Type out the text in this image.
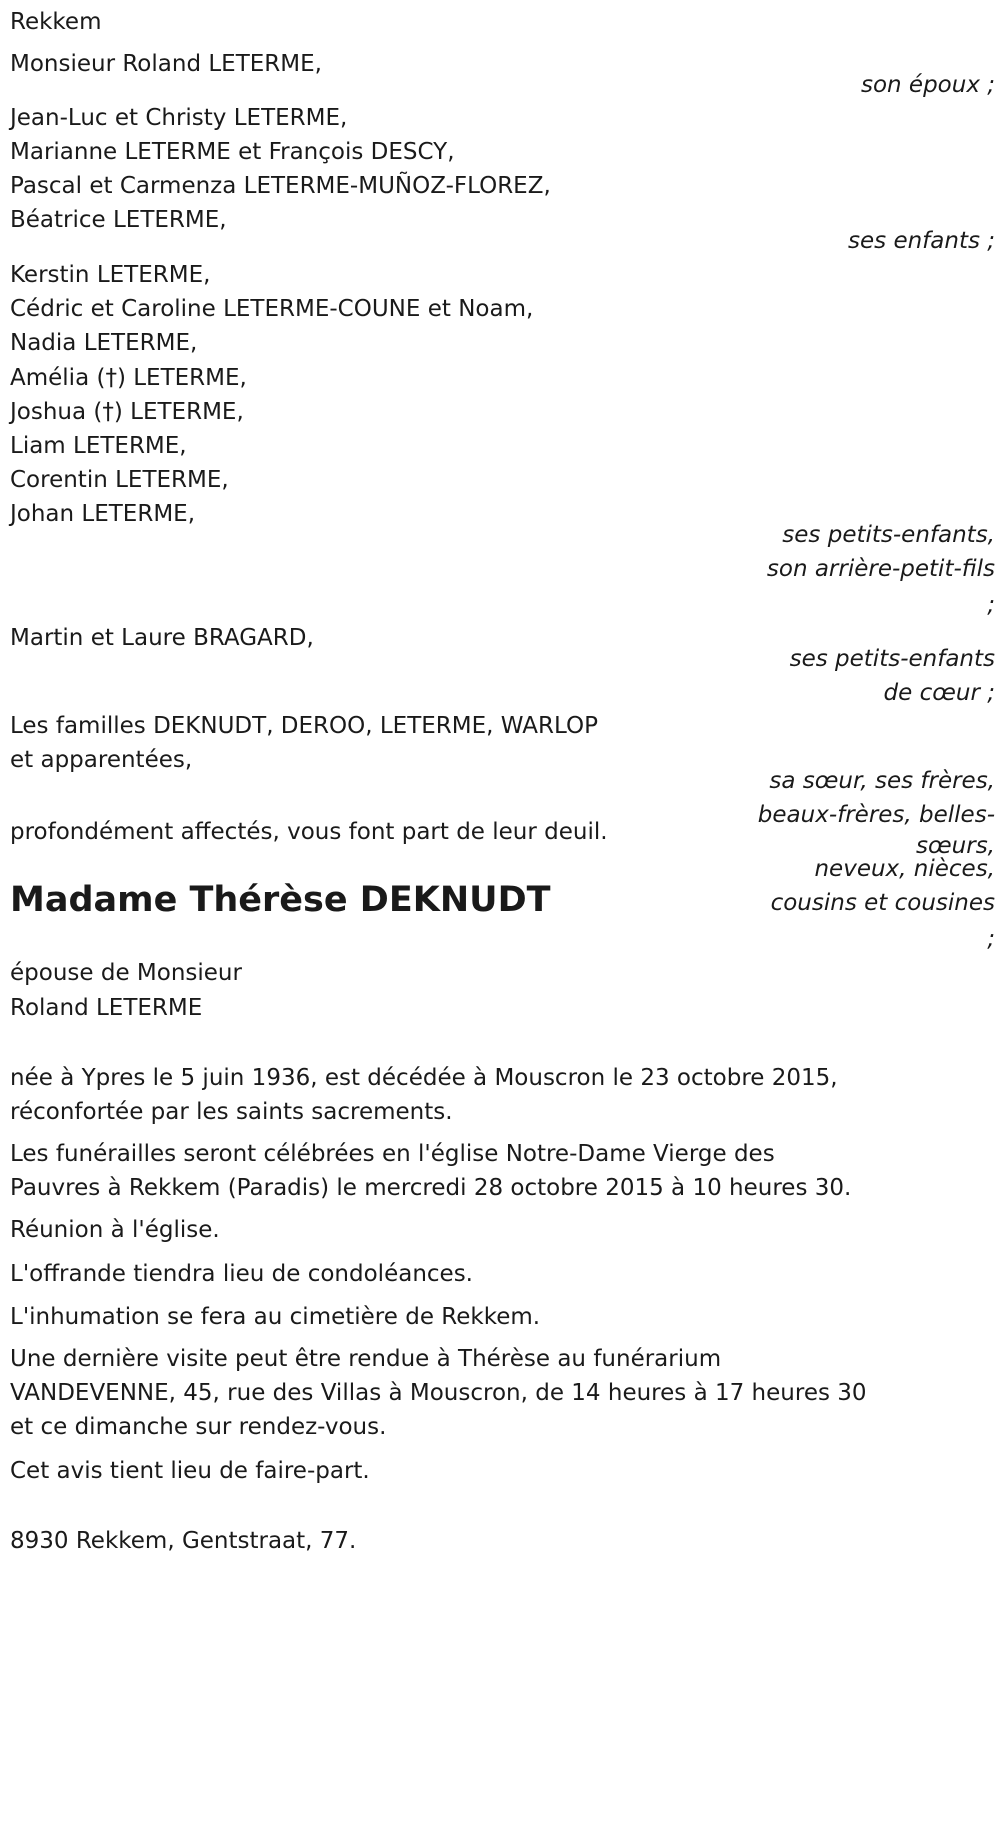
Rekkem
Monsieur Roland LETERME,
son époux ;
Jean-Luc et Christy LETERME,
Marianne LETERME et François DESCY,
Pascal et Carmenza LETERME-MUÑOZ-FLOREZ,
Béatrice LETERME,
ses enfants ;
Kerstin LETERME,
Cédric et Caroline LETERME-COUNE et Noam,
Nadia LETERME,
Amélia (†) LETERME,
Joshua (†) LETERME,
Liam LETERME,
Corentin LETERME,
Johan LETERME,
ses petits-enfants,
son arrière-petit-fils
;
Martin et Laure BRAGARD,
ses petits-enfants
de cœur ;
Les familles DEKNUDT, DEROO, LETERME, WARLOP
et apparentées,
sa sœur, ses frères,
beaux-frères, belles-
sœurs,
neveux, nièces,
cousins et cousines
;
profondément affectés, vous font part de leur deuil.
Madame Thérèse DEKNUDT
épouse de Monsieur
Roland LETERME
née à Ypres le 5 juin 1936, est décédée à Mouscron le 23 octobre 2015,
réconfortée par les saints sacrements.
Les funérailles seront célébrées en l'église Notre-Dame Vierge des
Pauvres à Rekkem (Paradis) le mercredi 28 octobre 2015 à 10 heures 30.
Réunion à l'église.
L'offrande tiendra lieu de condoléances.
L'inhumation se fera au cimetière de Rekkem.
Une dernière visite peut être rendue à Thérèse au funérarium
VANDEVENNE, 45, rue des Villas à Mouscron, de 14 heures à 17 heures 30
et ce dimanche sur rendez-vous.
Cet avis tient lieu de faire-part.
8930 Rekkem, Gentstraat, 77.
